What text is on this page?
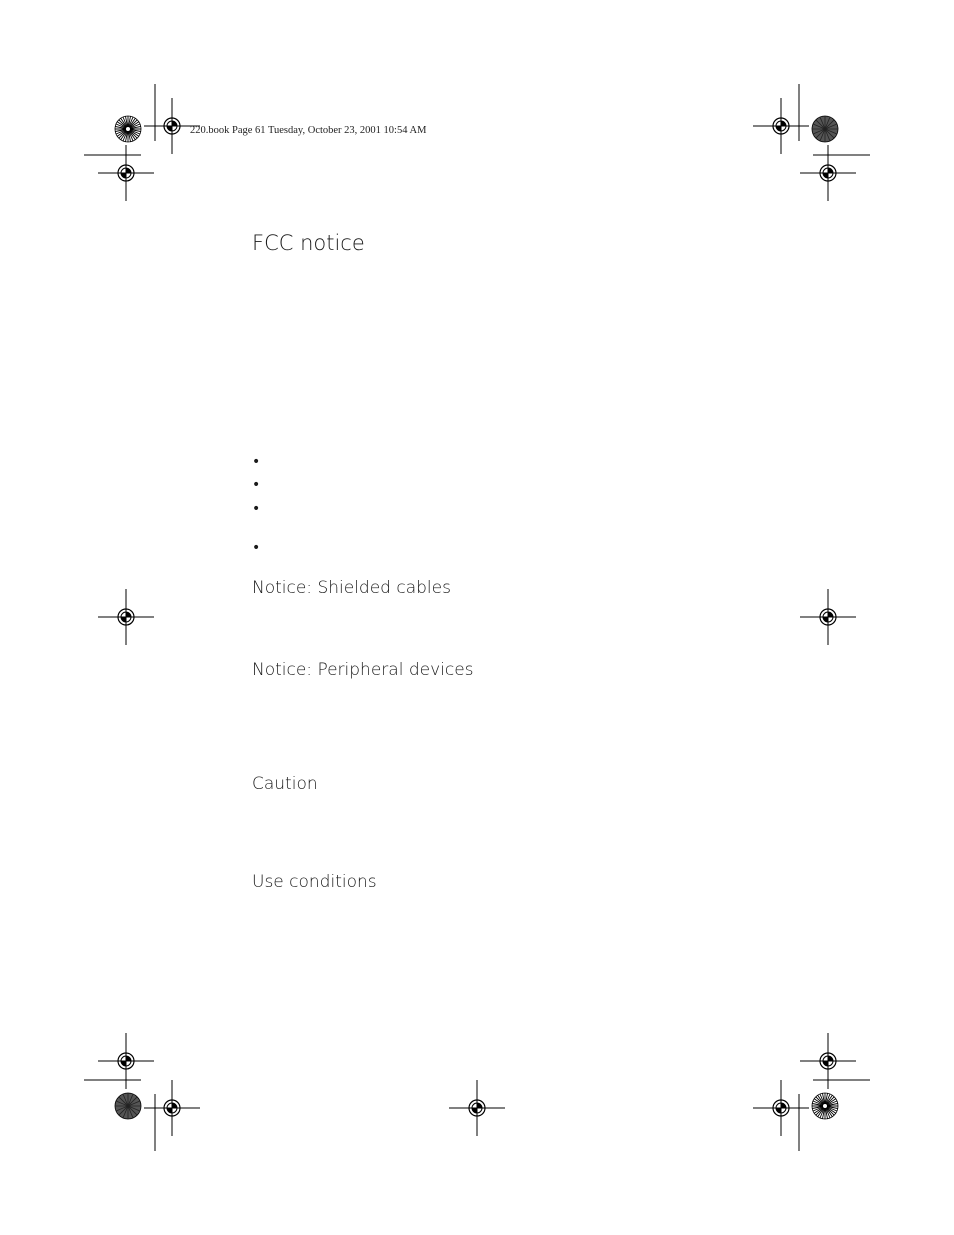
220.book Page 61 Tuesday, October 23, 2001 10:54 AM
FCC notice
•
•
•
•
Notice: Shielded cables
Notice: Peripheral devices
Caution
Use conditions
